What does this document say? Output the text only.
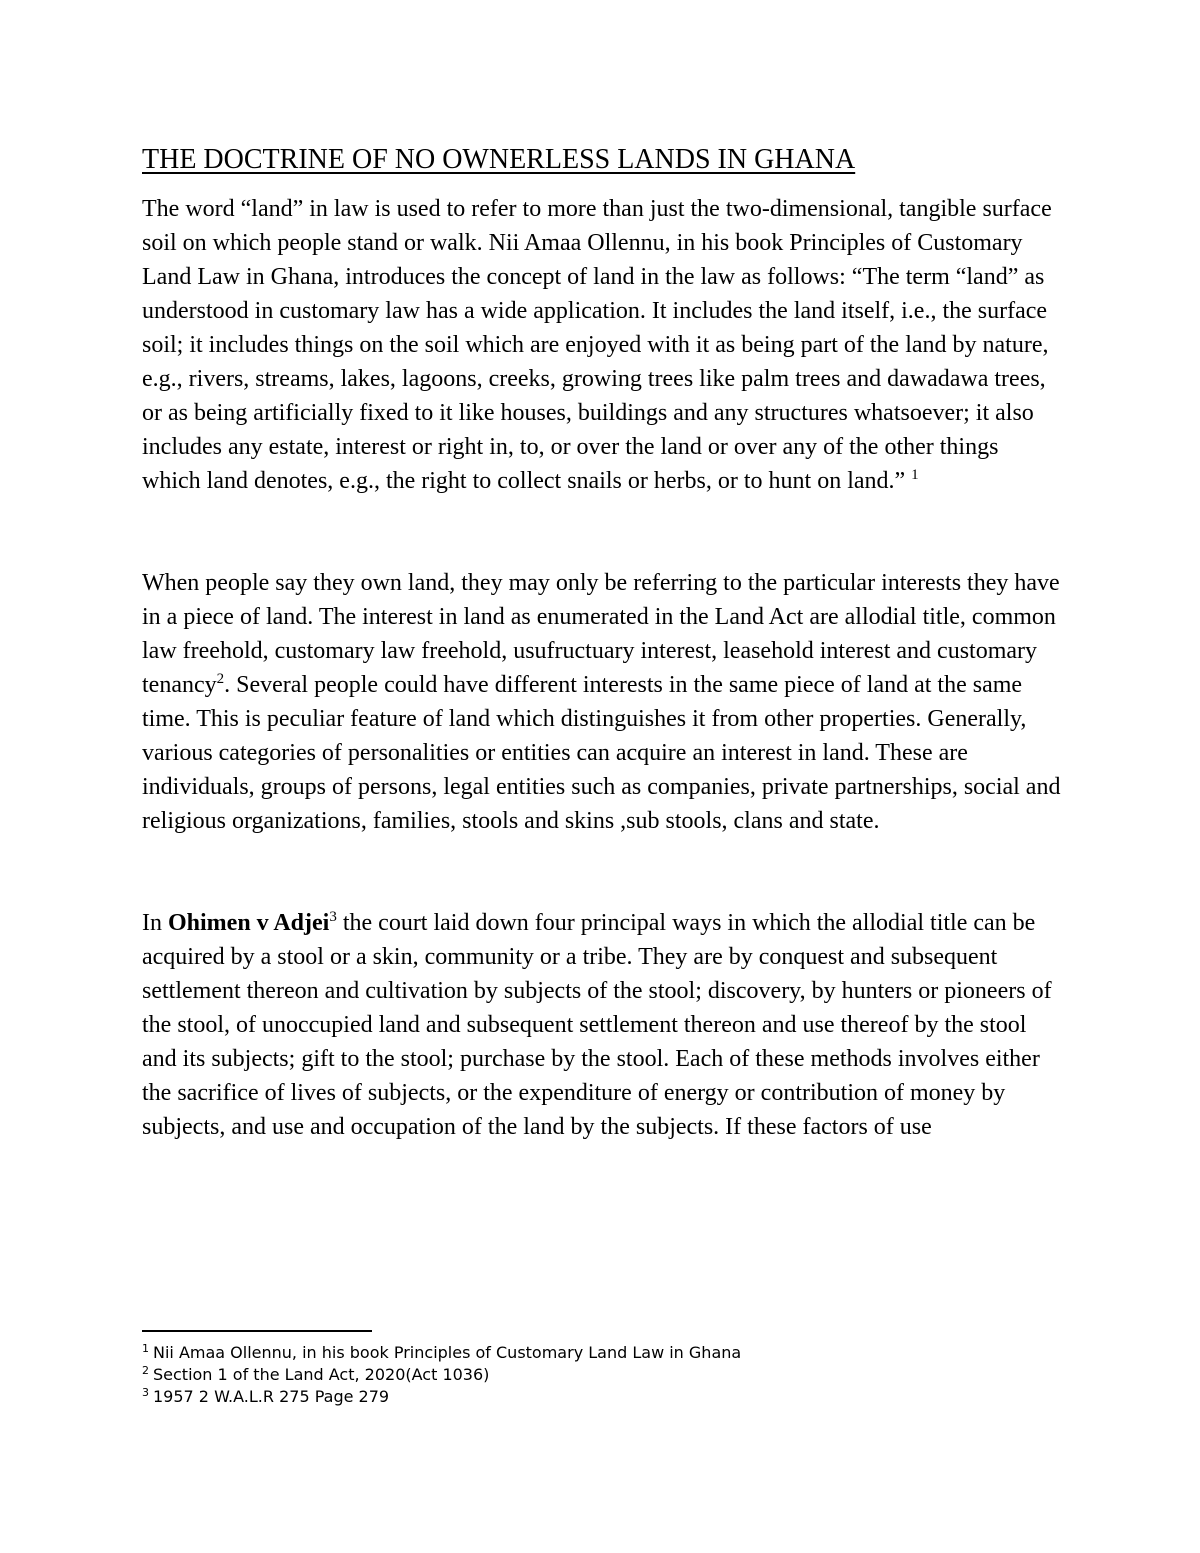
THE DOCTRINE OF NO OWNERLESS LANDS IN GHANA

The word “land” in law is used to refer to more than just the two-dimensional, tangible surface soil on which people stand or walk. Nii Amaa Ollennu, in his book Principles of Customary Land Law in Ghana, introduces the concept of land in the law as follows: “The term “land” as understood in customary law has a wide application. It includes the land itself, i.e., the surface soil; it includes things on the soil which are enjoyed with it as being part of the land by nature, e.g., rivers, streams, lakes, lagoons, creeks, growing trees like palm trees and dawadawa trees, or as being artificially fixed to it like houses, buildings and any structures whatsoever; it also includes any estate, interest or right in, to, or over the land or over any of the other things which land denotes, e.g., the right to collect snails or herbs, or to hunt on land.” $^1$

When people say they own land, they may only be referring to the particular interests they have in a piece of land. The interest in land as enumerated in the Land Act are allodial title, common law freehold, customary law freehold, usufructuary interest, leasehold interest and customary tenancy$^2$. Several people could have different interests in the same piece of land at the same time. This is peculiar feature of land which distinguishes it from other properties. Generally, various categories of personalities or entities can acquire an interest in land. These are individuals, groups of persons, legal entities such as companies, private partnerships, social and religious organizations, families, stools and skins ,sub stools, clans and state.

In Ohimen v Adjei$^3$ the court laid down four principal ways in which the allodial title can be acquired by a stool or a skin, community or a tribe. They are by conquest and subsequent settlement thereon and cultivation by subjects of the stool; discovery, by hunters or pioneers of the stool, of unoccupied land and subsequent settlement thereon and use thereof by the stool and its subjects; gift to the stool; purchase by the stool. Each of these methods involves either the sacrifice of lives of subjects, or the expenditure of energy or contribution of money by subjects, and use and occupation of the land by the subjects. If these factors of use

$^1$ Nii Amaa Ollennu, in his book Principles of Customary Land Law in Ghana

$^2$ Section 1 of the Land Act, 2020(Act 1036)

$^3$ 1957 2 W.A.L.R 275 Page 279
